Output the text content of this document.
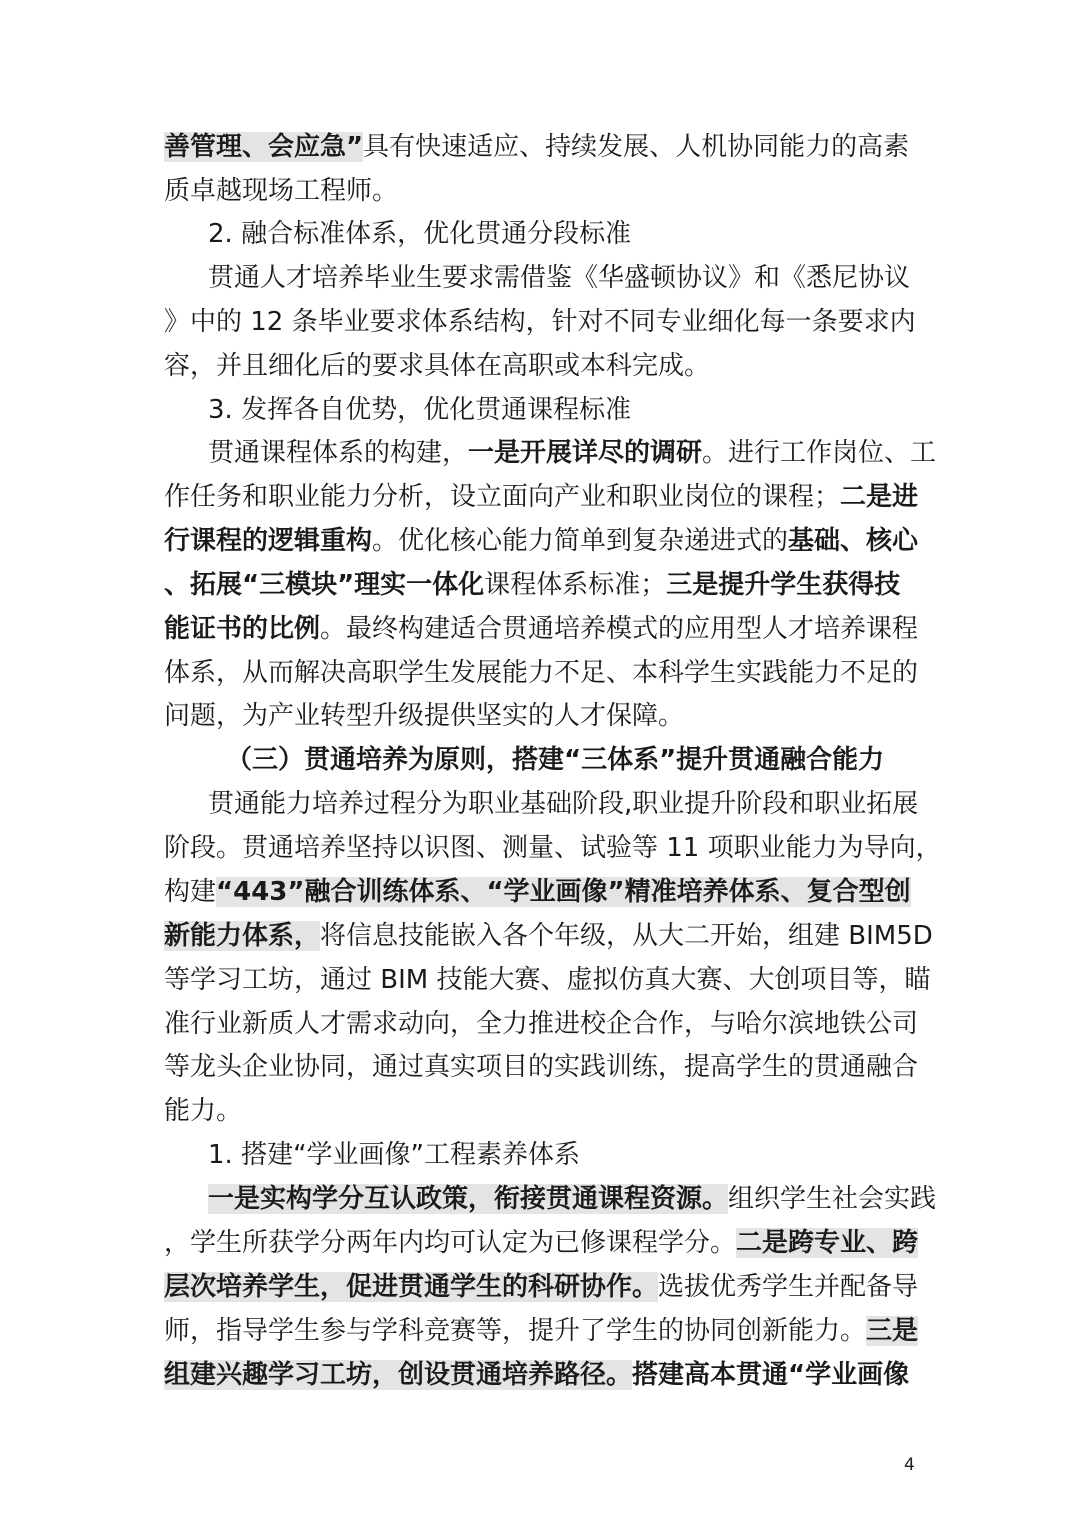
善管理、会应急”具有快速适应、持续发展、人机协同能力的高素
质卓越现场工程师。
2. 融合标准体系，优化贯通分段标准
贯通人才培养毕业生要求需借鉴《华盛顿协议》和《悉尼协议
》中的 12 条毕业要求体系结构，针对不同专业细化每一条要求内
容，并且细化后的要求具体在高职或本科完成。
3. 发挥各自优势，优化贯通课程标准
贯通课程体系的构建，一是开展详尽的调研。进行工作岗位、工
作任务和职业能力分析，设立面向产业和职业岗位的课程；二是进
行课程的逻辑重构。优化核心能力简单到复杂递进式的基础、核心
、拓展“三模块”理实一体化课程体系标准；三是提升学生获得技
能证书的比例。最终构建适合贯通培养模式的应用型人才培养课程
体系，从而解决高职学生发展能力不足、本科学生实践能力不足的
问题，为产业转型升级提供坚实的人才保障。
（三）贯通培养为原则，搭建“三体系”提升贯通融合能力
贯通能力培养过程分为职业基础阶段,职业提升阶段和职业拓展
阶段。贯通培养坚持以识图、测量、试验等 11 项职业能力为导向，
构建“443”融合训练体系、“学业画像”精准培养体系、复合型创
新能力体系，将信息技能嵌入各个年级，从大二开始，组建 BIM5D
等学习工坊，通过 BIM 技能大赛、虚拟仿真大赛、大创项目等，瞄
准行业新质人才需求动向，全力推进校企合作，与哈尔滨地铁公司
等龙头企业协同，通过真实项目的实践训练，提高学生的贯通融合
能力。
1. 搭建“学业画像”工程素养体系
一是实构学分互认政策，衔接贯通课程资源。组织学生社会实践
，学生所获学分两年内均可认定为已修课程学分。二是跨专业、跨
层次培养学生，促进贯通学生的科研协作。选拔优秀学生并配备导
师，指导学生参与学科竞赛等，提升了学生的协同创新能力。三是
组建兴趣学习工坊，创设贯通培养路径。搭建高本贯通“学业画像
4
